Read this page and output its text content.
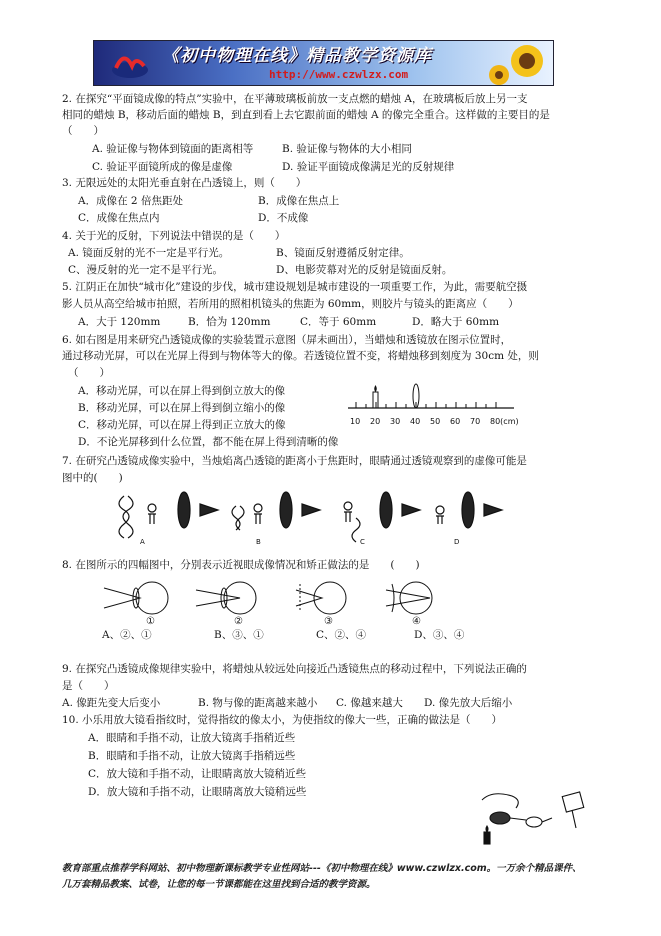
《初中物理在线》精品教学资源库
http://www.czwlzx.com
2. 在探究“平面镜成像的特点”实验中，在平薄玻璃板前放一支点燃的蜡烛 A，在玻璃板后放上另一支
相同的蜡烛 B，移动后面的蜡烛 B，到直到看上去它跟前面的蜡烛 A 的像完全重合。这样做的主要目的是
（　　）
A. 验证像与物体到镜面的距离相等	B. 验证像与物体的大小相同
C. 验证平面镜所成的像是虚像	D. 验证平面镜成像满足光的反射规律
3. 无限远处的太阳光垂直射在凸透镜上，则（　　）
A．成像在 2 倍焦距处	B．成像在焦点上
C．成像在焦点内	D．不成像
4. 关于光的反射，下列说法中错误的是（　　）
A. 镜面反射的光不一定是平行光。	B、镜面反射遵循反射定律。
C、漫反射的光一定不是平行光。	D、电影荧幕对光的反射是镜面反射。
5. 江阴正在加快“城市化”建设的步伐，城市建设规划是城市建设的一项重要工作，为此，需要航空摄
影人员从高空给城市拍照，若所用的照相机镜头的焦距为 60mm，则胶片与镜头的距离应（　　）
A．大于 120mm	B．恰为 120mm	C．等于 60mm	D．略大于 60mm
6. 如右图是用来研究凸透镜成像的实验装置示意图（屏未画出），当蜡烛和透镜放在图示位置时，
通过移动光屏，可以在光屏上得到与物体等大的像。若透镜位置不变，将蜡烛移到刻度为 30cm 处，则
（　　）
A．移动光屏，可以在屏上得到倒立放大的像
B．移动光屏，可以在屏上得到倒立缩小的像
C．移动光屏，可以在屏上得到正立放大的像
D．不论光屏移到什么位置，都不能在屏上得到清晰的像
10 20 30 40 50 60 70 80(cm)
7. 在研究凸透镜成像实验中，当烛焰离凸透镜的距离小于焦距时，眼睛通过透镜观察到的虚像可能是
图中的(　　)
A	B	C	D
8. 在图所示的四幅图中，分别表示近视眼成像情况和矫正做法的是　　(　　)
①	②	③	④
A、②、①	B、③、①	C、②、④	D、③、④
9. 在探究凸透镜成像规律实验中，将蜡烛从较远处向接近凸透镜焦点的移动过程中，下列说法正确的
是（　　）
A. 像距先变大后变小	B. 物与像的距离越来越小 C. 像越来越大 D. 像先放大后缩小
10. 小乐用放大镜看指纹时，觉得指纹的像太小，为使指纹的像大一些，正确的做法是（　　）
A．眼睛和手指不动，让放大镜离手指稍近些
B．眼睛和手指不动，让放大镜离手指稍远些
C．放大镜和手指不动，让眼睛离放大镜稍近些
D．放大镜和手指不动，让眼睛离放大镜稍远些
教育部重点推荐学科网站、初中物理新课标教学专业性网站---《初中物理在线》www.czwlzx.com。一万余个精品课件、
几万套精品教案、试卷，让您的每一节课都能在这里找到合适的教学资源。
